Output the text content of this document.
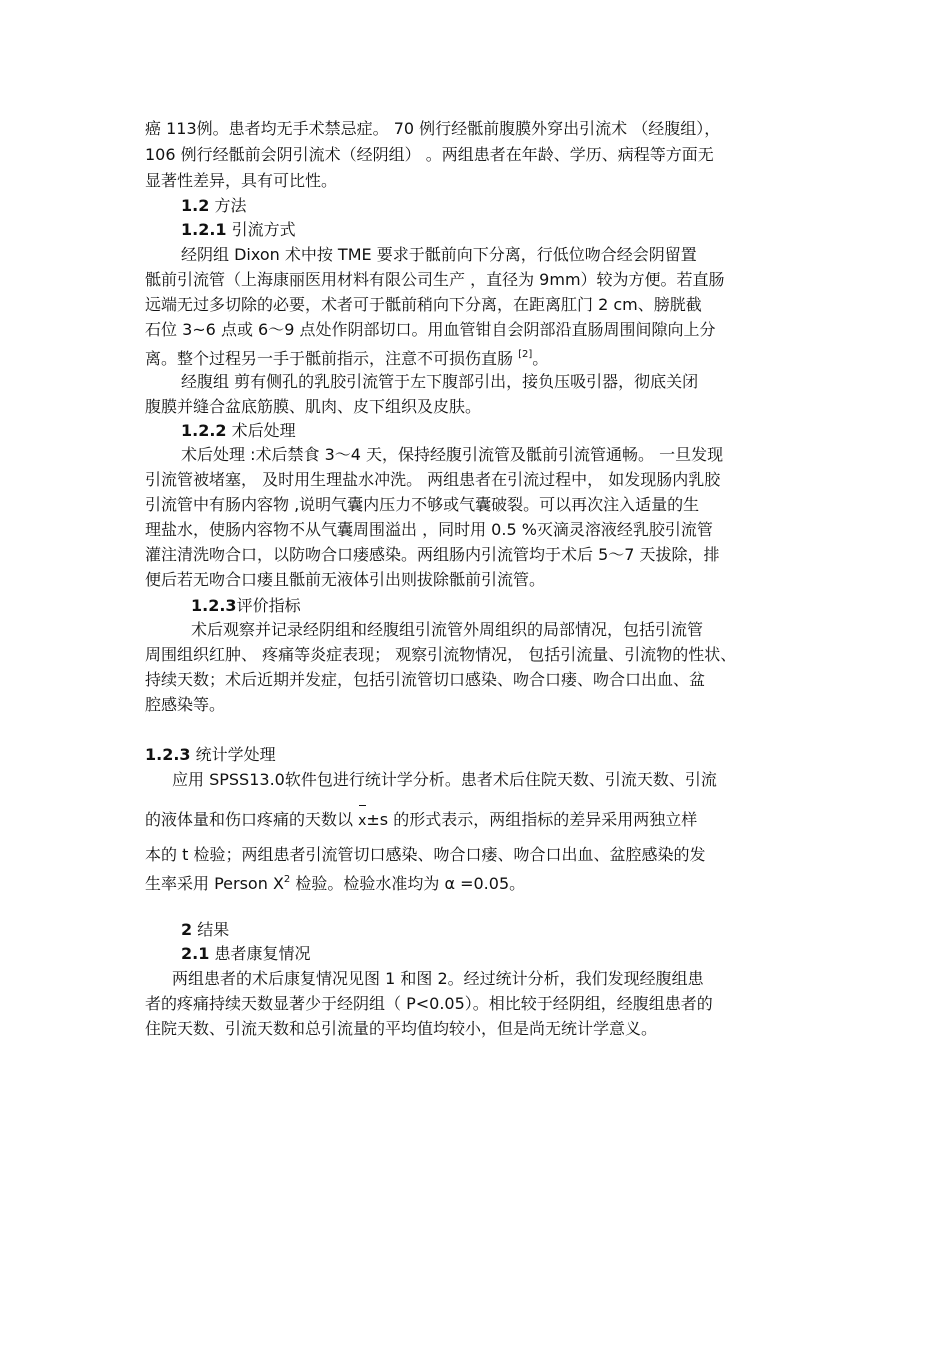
癌 113例。患者均无手术禁忌症。 70 例行经骶前腹膜外穿出引流术 （经腹组），
106 例行经骶前会阴引流术（经阴组） 。两组患者在年龄、学历、病程等方面无
显著性差异，具有可比性。
1.2 方法
1.2.1 引流方式
经阴组 Dixon 术中按 TME 要求于骶前向下分离，行低位吻合经会阴留置
骶前引流管（上海康丽医用材料有限公司生产 ，直径为 9mm）较为方便。若直肠
远端无过多切除的必要，术者可于骶前稍向下分离，在距离肛门 2 cm、膀胱截
石位 3~6 点或 6～9 点处作阴部切口。用血管钳自会阴部沿直肠周围间隙向上分
离。整个过程另一手于骶前指示，注意不可损伤直肠 [2]。
经腹组 剪有侧孔的乳胶引流管于左下腹部引出，接负压吸引器，彻底关闭
腹膜并缝合盆底筋膜、肌肉、皮下组织及皮肤。
1.2.2 术后处理
术后处理 :术后禁食 3～4 天，保持经腹引流管及骶前引流管通畅。 一旦发现
引流管被堵塞， 及时用生理盐水冲洗。 两组患者在引流过程中， 如发现肠内乳胶
引流管中有肠内容物 ,说明气囊内压力不够或气囊破裂。可以再次注入适量的生
理盐水，使肠内容物不从气囊周围溢出 ，同时用 0.5 %灭滴灵溶液经乳胶引流管
灌注清洗吻合口，以防吻合口瘘感染。两组肠内引流管均于术后 5～7 天拔除，排
便后若无吻合口瘘且骶前无液体引出则拔除骶前引流管。
1.2.3评价指标
术后观察并记录经阴组和经腹组引流管外周组织的局部情况，包括引流管
周围组织红肿、 疼痛等炎症表现； 观察引流物情况， 包括引流量、引流物的性状、
持续天数；术后近期并发症，包括引流管切口感染、吻合口瘘、吻合口出血、盆
腔感染等。
1.2.3 统计学处理
应用 SPSS13.0软件包进行统计学分析。患者术后住院天数、引流天数、引流
的液体量和伤口疼痛的天数以 x±s 的形式表示，两组指标的差异采用两独立样
本的 t 检验；两组患者引流管切口感染、吻合口瘘、吻合口出血、盆腔感染的发
生率采用 Person $X^2$ 检验。检验水准均为 α =0.05。
2 结果
2.1 患者康复情况
两组患者的术后康复情况见图 1 和图 2。经过统计分析，我们发现经腹组患
者的疼痛持续天数显著少于经阴组（ P<0.05）。相比较于经阴组，经腹组患者的
住院天数、引流天数和总引流量的平均值均较小，但是尚无统计学意义。
